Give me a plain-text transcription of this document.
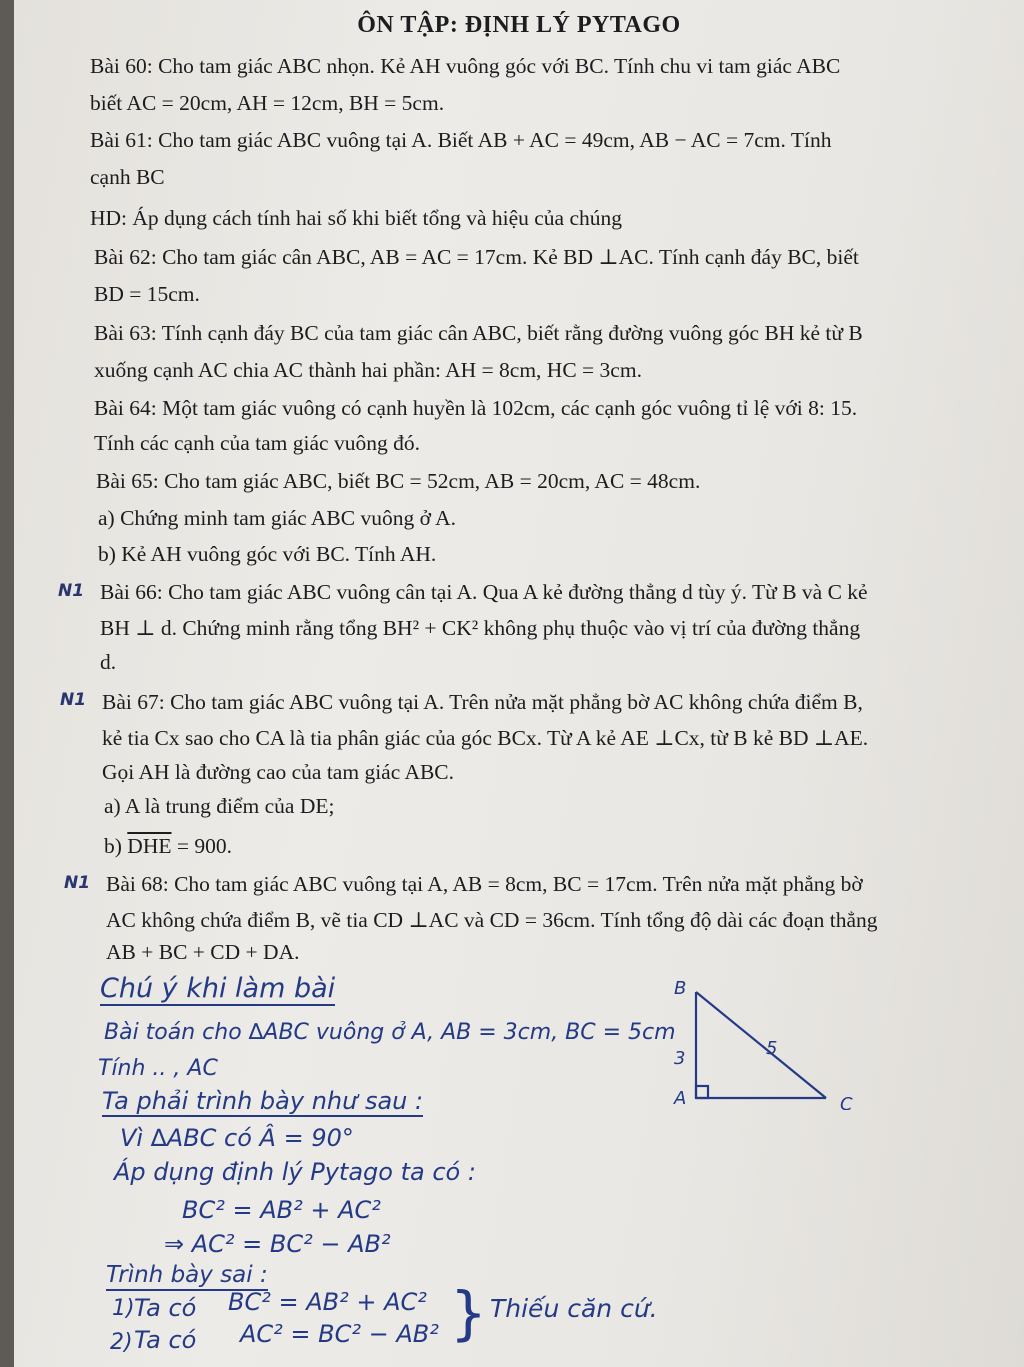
ÔN TẬP: ĐỊNH LÝ PYTAGO
Bài 60: Cho tam giác ABC nhọn. Kẻ AH vuông góc với BC. Tính chu vi tam giác ABC
biết AC = 20cm, AH = 12cm, BH = 5cm.
Bài 61: Cho tam giác ABC vuông tại A. Biết AB + AC = 49cm, AB − AC = 7cm. Tính
cạnh BC
HD: Áp dụng cách tính hai số khi biết tổng và hiệu của chúng
Bài 62: Cho tam giác cân ABC, AB = AC = 17cm. Kẻ BD ⊥AC. Tính cạnh đáy BC, biết
BD = 15cm.
Bài 63: Tính cạnh đáy BC của tam giác cân ABC, biết rằng đường vuông góc BH kẻ từ B
xuống cạnh AC chia AC thành hai phần: AH = 8cm, HC = 3cm.
Bài 64: Một tam giác vuông có cạnh huyền là 102cm, các cạnh góc vuông tỉ lệ với 8: 15.
Tính các cạnh của tam giác vuông đó.
Bài 65: Cho tam giác ABC, biết BC = 52cm, AB = 20cm, AC = 48cm.
a) Chứng minh tam giác ABC vuông ở A.
b) Kẻ AH vuông góc với BC. Tính AH.
N1 Bài 66: Cho tam giác ABC vuông cân tại A. Qua A kẻ đường thẳng d tùy ý. Từ B và C kẻ
BH ⊥ d. Chứng minh rằng tổng BH² + CK² không phụ thuộc vào vị trí của đường thẳng
d.
N1 Bài 67: Cho tam giác ABC vuông tại A. Trên nửa mặt phẳng bờ AC không chứa điểm B,
kẻ tia Cx sao cho CA là tia phân giác của góc BCx. Từ A kẻ AE ⊥Cx, từ B kẻ BD ⊥AE.
Gọi AH là đường cao của tam giác ABC.
a) A là trung điểm của DE;
b) $\overline{DHE} = 900$.
N1 Bài 68: Cho tam giác ABC vuông tại A, AB = 8cm, BC = 17cm. Trên nửa mặt phẳng bờ
AC không chứa điểm B, vẽ tia CD ⊥AC và CD = 36cm. Tính tổng độ dài các đoạn thẳng
AB + BC + CD + DA.
Chú ý khi làm bài
Bài toán cho ∆ABC vuông ở A, AB = 3cm, BC = 5cm
Tính .. , AC
Ta phải trình bày như sau :
Vì ∆ABC có Â = 90°
Áp dụng định lý Pytago ta có :
BC² = AB² + AC²
⇒ AC² = BC² − AB²
Trình bày sai :
1) Ta có BC² = AB² + AC²
2) Ta có AC² = BC² − AB² } Thiếu căn cứ.
B
A	C
3	5
